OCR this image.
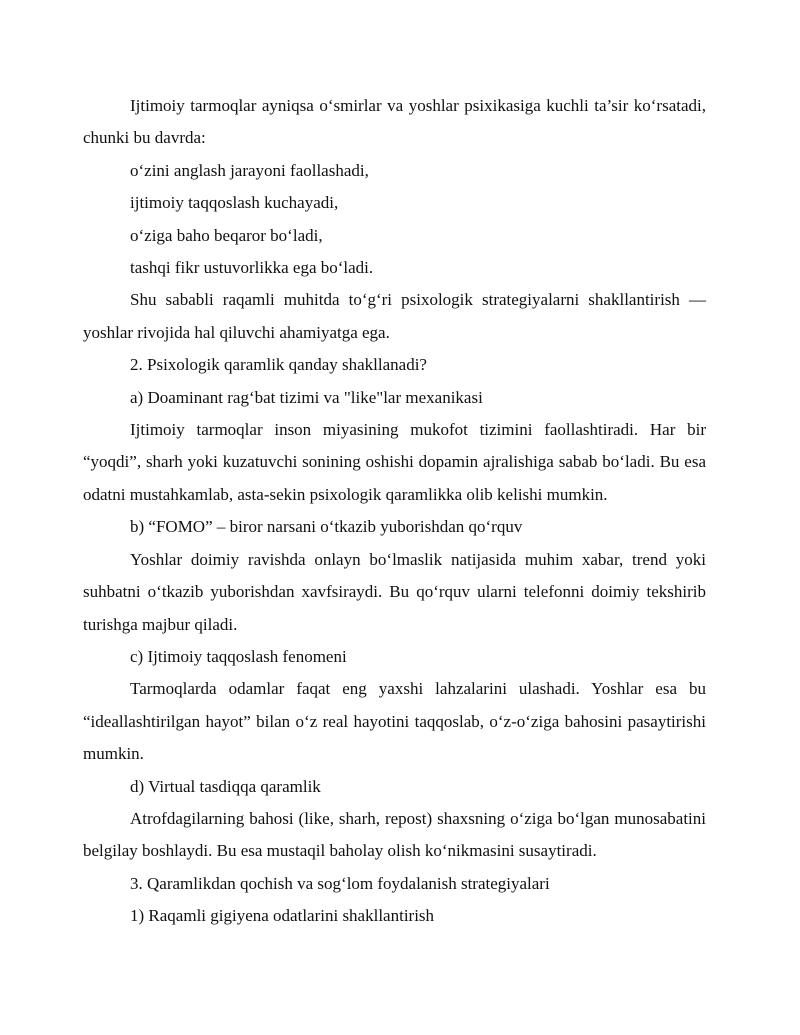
Ijtimoiy tarmoqlar ayniqsa o‘smirlar va yoshlar psixikasiga kuchli ta’sir ko‘rsatadi, chunki bu davrda:

o‘zini anglash jarayoni faollashadi,

ijtimoiy taqqoslash kuchayadi,

o‘ziga baho beqaror bo‘ladi,

tashqi fikr ustuvorlikka ega bo‘ladi.

Shu sababli raqamli muhitda to‘g‘ri psixologik strategiyalarni shakllantirish — yoshlar rivojida hal qiluvchi ahamiyatga ega.

2. Psixologik qaramlik qanday shakllanadi?

a) Doaminant rag‘bat tizimi va "like"lar mexanikasi

Ijtimoiy tarmoqlar inson miyasining mukofot tizimini faollashtiradi. Har bir “yoqdi”, sharh yoki kuzatuvchi sonining oshishi dopamin ajralishiga sabab bo‘ladi. Bu esa odatni mustahkamlab, asta-sekin psixologik qaramlikka olib kelishi mumkin.

b) “FOMO” – biror narsani o‘tkazib yuborishdan qo‘rquv

Yoshlar doimiy ravishda onlayn bo‘lmaslik natijasida muhim xabar, trend yoki suhbatni o‘tkazib yuborishdan xavfsiraydi. Bu qo‘rquv ularni telefonni doimiy tekshirib turishga majbur qiladi.

c) Ijtimoiy taqqoslash fenomeni

Tarmoqlarda odamlar faqat eng yaxshi lahzalarini ulashadi. Yoshlar esa bu “ideallashtirilgan hayot” bilan o‘z real hayotini taqqoslab, o‘z-o‘ziga bahosini pasaytirishi mumkin.

d) Virtual tasdiqqa qaramlik

Atrofdagilarning bahosi (like, sharh, repost) shaxsning o‘ziga bo‘lgan munosabatini belgilay boshlaydi. Bu esa mustaqil baholay olish ko‘nikmasini susaytiradi.

3. Qaramlikdan qochish va sog‘lom foydalanish strategiyalari

1) Raqamli gigiyena odatlarini shakllantirish
